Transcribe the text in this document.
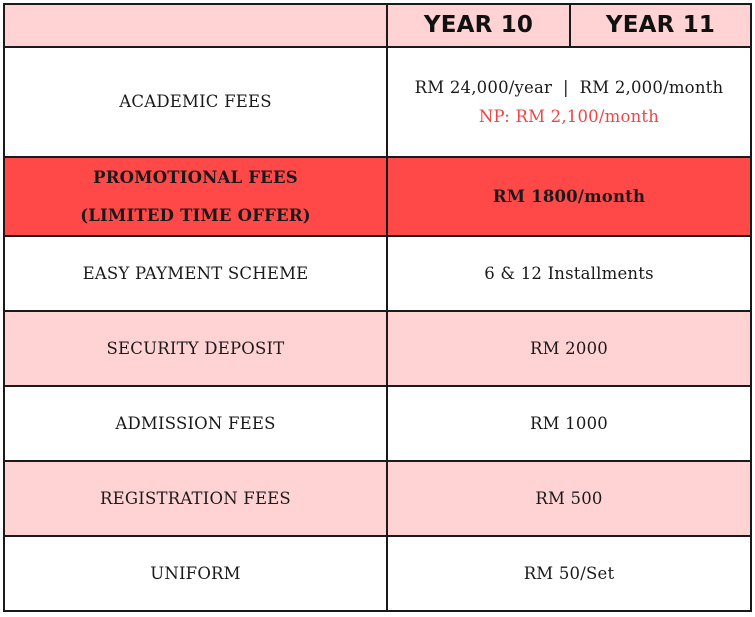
	YEAR 10	YEAR 11
ACADEMIC FEES	RM 24,000/year  |  RM 2,000/month
NP: RM 2,100/month	

PROMOTIONAL FEES
(LIMITED TIME OFFER)	RM 1800/month	
EASY PAYMENT SCHEME	6 & 12 Installments	
SECURITY DEPOSIT	RM 2000	
ADMISSION FEES	RM 1000	
REGISTRATION FEES	RM 500	
UNIFORM	RM 50/Set	
